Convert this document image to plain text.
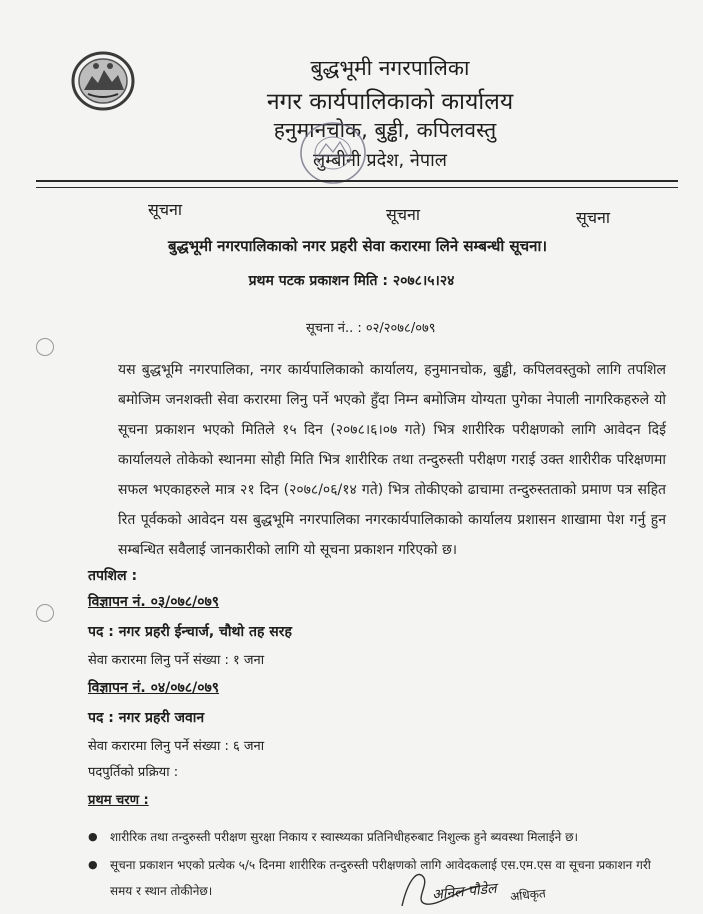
बुद्धभूमी नगरपालिका

नगर कार्यपालिकाको कार्यालय

हनुमानचोक, बुड्ढी, कपिलवस्तु

लुम्बीनी प्रदेश, नेपाल

सूचना	सूचना	सूचना

बुद्धभूमी नगरपालिकाको नगर प्रहरी सेवा करारमा लिने सम्बन्धी सूचना।

प्रथम पटक प्रकाशन मिति : २०७८।५।२४

सूचना नं.. : ०२/२०७८/०७९

यस बुद्धभूमि नगरपालिका, नगर कार्यपालिकाको कार्यालय, हनुमानचोक, बुड्ढी, कपिलवस्तुको लागि तपशिल बमोजिम जनशक्ती सेवा करारमा लिनु पर्ने भएको हुँदा निम्न बमोजिम योग्यता पुगेका नेपाली नागरिकहरुले यो सूचना प्रकाशन भएको मितिले १५ दिन (२०७८।६।०७ गते) भित्र शारीरिक परीक्षणको लागि आवेदन दिई कार्यालयले तोकेको स्थानमा सोही मिति भित्र शारीरिक तथा तन्दुरुस्ती परीक्षण गराई उक्त शारीरीक परिक्षणमा सफल भएकाहरुले मात्र २१ दिन (२०७८/०६/१४ गते) भित्र तोकीएको ढाचामा तन्दुरुस्तताको प्रमाण पत्र सहित रित पूर्वकको आवेदन यस बुद्धभूमि नगरपालिका नगरकार्यपालिकाको कार्यालय प्रशासन शाखामा पेश गर्नु हुन सम्बन्धित सवैलाई जानकारीको लागि यो सूचना प्रकाशन गरिएको छ।

तपशिल :

विज्ञापन नं. ०३/०७८/०७९

पद : नगर प्रहरी ईन्चार्ज, चौथो तह सरह

सेवा करारमा लिनु पर्ने संख्या : १ जना

विज्ञापन नं. ०४/०७८/०७९

पद : नगर प्रहरी जवान

सेवा करारमा लिनु पर्ने संख्या : ६ जना

पदपुर्तिको प्रक्रिया :

प्रथम चरण :

● शारीरिक तथा तन्दुरुस्ती परीक्षण सुरक्षा निकाय र स्वास्थ्यका प्रतिनिधीहरुबाट निशुल्क हुने ब्यवस्था मिलाईने छ।
● सूचना प्रकाशन भएको प्रत्येक ५/५ दिनमा शारीरिक तन्दुरुस्ती परीक्षणको लागि आवेदकलाई एस.एम.एस वा सूचना प्रकाशन गरी समय र स्थान तोकीनेछ।	अनिल पौडेल अधिकृत
